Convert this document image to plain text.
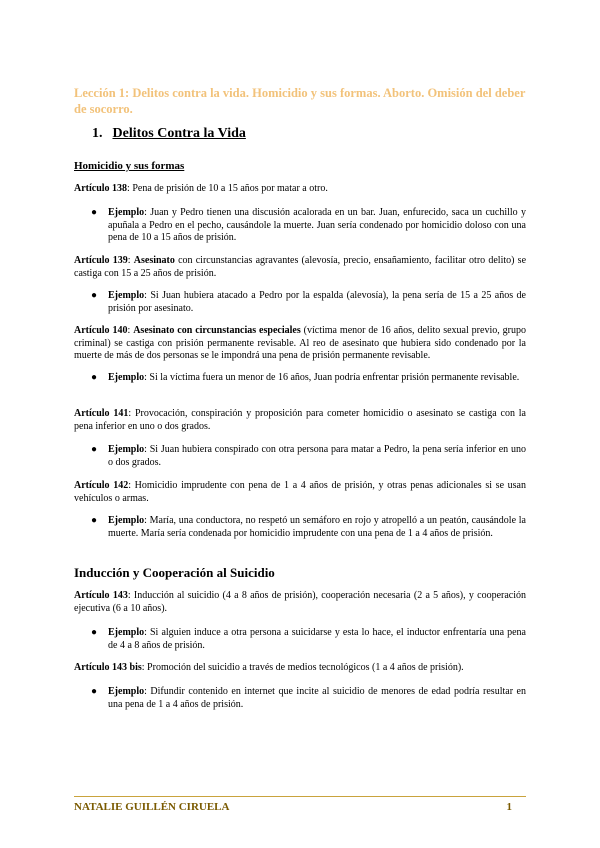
Lección 1: Delitos contra la vida. Homicidio y sus formas. Aborto. Omisión del deber de socorro.
1. Delitos Contra la Vida
Homicidio y sus formas

Artículo 138: Pena de prisión de 10 a 15 años por matar a otro.

● Ejemplo: Juan y Pedro tienen una discusión acalorada en un bar. Juan, enfurecido, saca un cuchillo y apuñala a Pedro en el pecho, causándole la muerte. Juan sería condenado por homicidio doloso con una pena de 10 a 15 años de prisión.

Artículo 139: Asesinato con circunstancias agravantes (alevosía, precio, ensañamiento, facilitar otro delito) se castiga con 15 a 25 años de prisión.

● Ejemplo: Si Juan hubiera atacado a Pedro por la espalda (alevosía), la pena sería de 15 a 25 años de prisión por asesinato.

Artículo 140: Asesinato con circunstancias especiales (víctima menor de 16 años, delito sexual previo, grupo criminal) se castiga con prisión permanente revisable. Al reo de asesinato que hubiera sido condenado por la muerte de más de dos personas se le impondrá una pena de prisión permanente revisable.

● Ejemplo: Si la víctima fuera un menor de 16 años, Juan podría enfrentar prisión permanente revisable.

Artículo 141: Provocación, conspiración y proposición para cometer homicidio o asesinato se castiga con la pena inferior en uno o dos grados.

● Ejemplo: Si Juan hubiera conspirado con otra persona para matar a Pedro, la pena sería inferior en uno o dos grados.

Artículo 142: Homicidio imprudente con pena de 1 a 4 años de prisión, y otras penas adicionales si se usan vehículos o armas.

● Ejemplo: María, una conductora, no respetó un semáforo en rojo y atropelló a un peatón, causándole la muerte. María sería condenada por homicidio imprudente con una pena de 1 a 4 años de prisión.

Inducción y Cooperación al Suicidio

Artículo 143: Inducción al suicidio (4 a 8 años de prisión), cooperación necesaria (2 a 5 años), y cooperación ejecutiva (6 a 10 años).

● Ejemplo: Si alguien induce a otra persona a suicidarse y esta lo hace, el inductor enfrentaría una pena de 4 a 8 años de prisión.

Artículo 143 bis: Promoción del suicidio a través de medios tecnológicos (1 a 4 años de prisión).

● Ejemplo: Difundir contenido en internet que incite al suicidio de menores de edad podría resultar en una pena de 1 a 4 años de prisión.

NATALIE GUILLÉN CIRUELA	1
